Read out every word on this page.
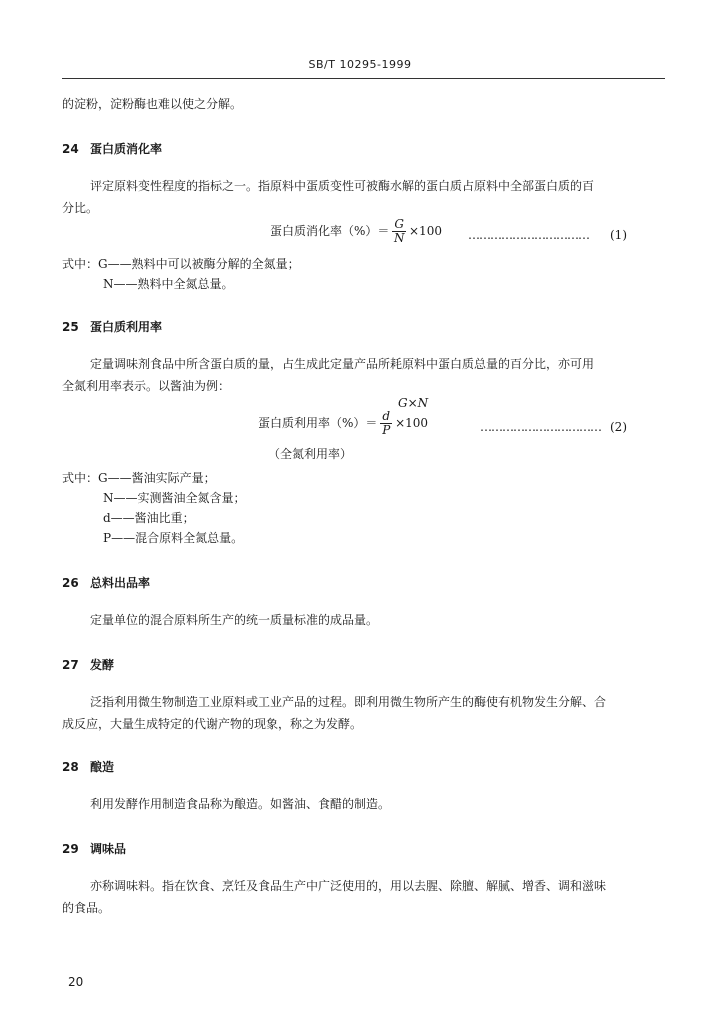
SB/T 10295-1999
的淀粉，淀粉酶也难以使之分解。
24 蛋白质消化率
评定原料变性程度的指标之一。指原料中蛋质变性可被酶水解的蛋白质占原料中全部蛋白质的百
分比。
蛋白质消化率（%）＝ $\frac{G}{N} \times 100$ …………………………… (1)
式中：G——熟料中可以被酶分解的全氮量；
N——熟料中全氮总量。
25 蛋白质利用率
定量调味剂食品中所含蛋白质的量，占生成此定量产品所耗原料中蛋白质总量的百分比，亦可用
全氮利用率表示。以酱油为例：
G×N
蛋白质利用率（%）＝ $\frac{d}{P} \times 100$	…………………………… (2)
（全氮利用率）
式中：G——酱油实际产量；
N——实测酱油全氮含量；
d——酱油比重；
P——混合原料全氮总量。
26 总料出品率
定量单位的混合原料所生产的统一质量标准的成品量。
27 发酵
泛指利用微生物制造工业原料或工业产品的过程。即利用微生物所产生的酶使有机物发生分解、合
成反应，大量生成特定的代谢产物的现象，称之为发酵。
28 酿造
利用发酵作用制造食品称为酿造。如酱油、食醋的制造。
29 调味品
亦称调味料。指在饮食、烹饪及食品生产中广泛使用的，用以去腥、除膻、解腻、增香、调和滋味
的食品。
20
